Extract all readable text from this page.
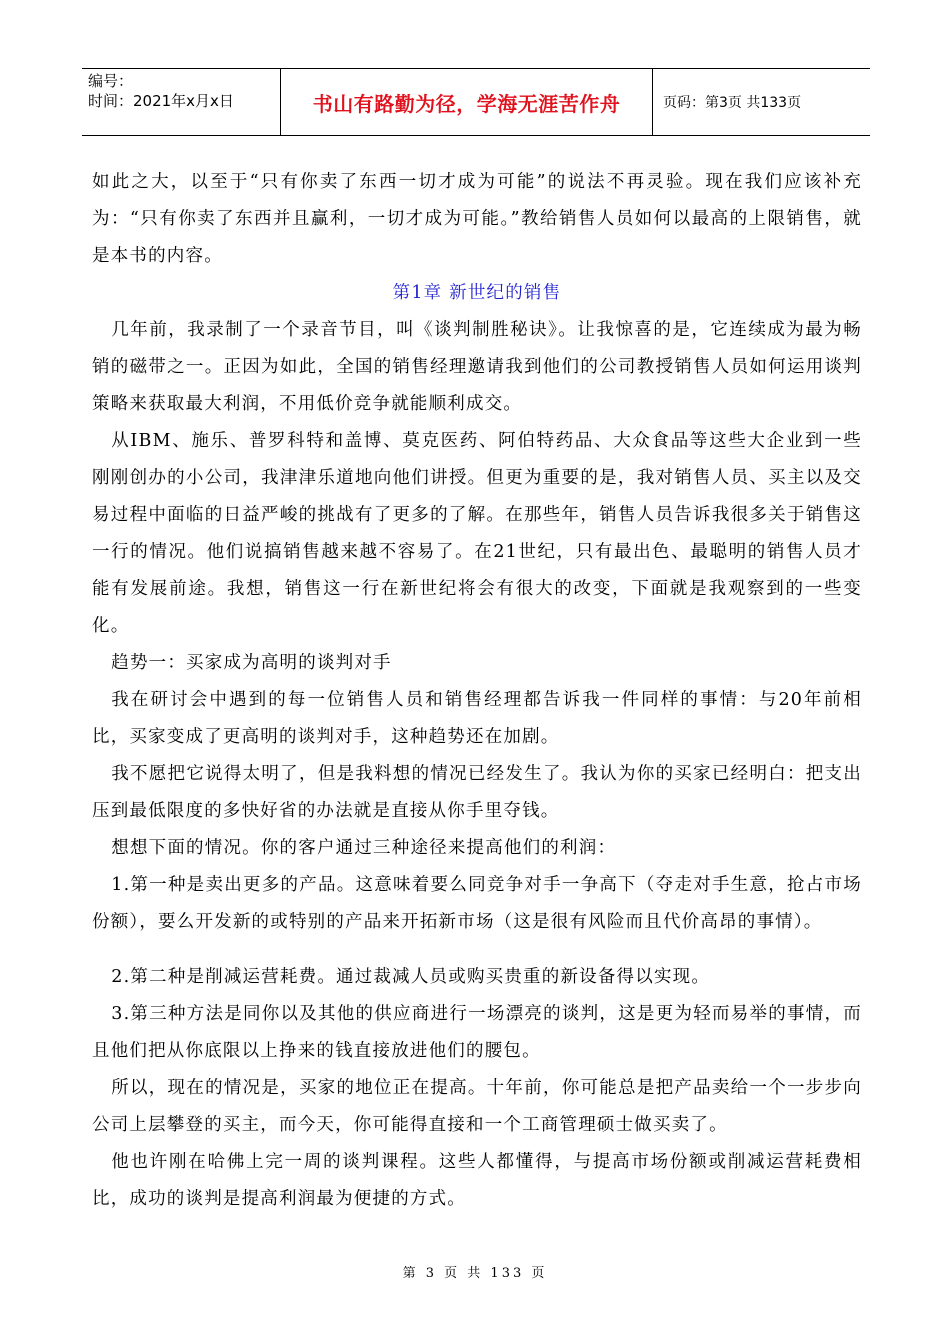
编号：
时间：2021年x月x日	书山有路勤为径，学海无涯苦作舟	页码：第3页 共133页

如此之大，以至于“只有你卖了东西一切才成为可能”的说法不再灵验。现在我们应该补充为：“只有你卖了东西并且赢利，一切才成为可能。”教给销售人员如何以最高的上限销售，就是本书的内容。

第1章 新世纪的销售

几年前，我录制了一个录音节目，叫《谈判制胜秘诀》。让我惊喜的是，它连续成为最为畅销的磁带之一。正因为如此，全国的销售经理邀请我到他们的公司教授销售人员如何运用谈判策略来获取最大利润，不用低价竞争就能顺利成交。

从IBM、施乐、普罗科特和盖博、莫克医药、阿伯特药品、大众食品等这些大企业到一些刚刚创办的小公司，我津津乐道地向他们讲授。但更为重要的是，我对销售人员、买主以及交易过程中面临的日益严峻的挑战有了更多的了解。在那些年，销售人员告诉我很多关于销售这一行的情况。他们说搞销售越来越不容易了。在21世纪，只有最出色、最聪明的销售人员才能有发展前途。我想，销售这一行在新世纪将会有很大的改变，下面就是我观察到的一些变化。

趋势一：买家成为高明的谈判对手

我在研讨会中遇到的每一位销售人员和销售经理都告诉我一件同样的事情：与20年前相比，买家变成了更高明的谈判对手，这种趋势还在加剧。

我不愿把它说得太明了，但是我料想的情况已经发生了。我认为你的买家已经明白：把支出压到最低限度的多快好省的办法就是直接从你手里夺钱。

想想下面的情况。你的客户通过三种途径来提高他们的利润：

1.第一种是卖出更多的产品。这意味着要么同竞争对手一争高下（夺走对手生意，抢占市场份额），要么开发新的或特别的产品来开拓新市场（这是很有风险而且代价高昂的事情）。

2.第二种是削减运营耗费。通过裁减人员或购买贵重的新设备得以实现。

3.第三种方法是同你以及其他的供应商进行一场漂亮的谈判，这是更为轻而易举的事情，而且他们把从你底限以上挣来的钱直接放进他们的腰包。

所以，现在的情况是，买家的地位正在提高。十年前，你可能总是把产品卖给一个一步步向公司上层攀登的买主，而今天，你可能得直接和一个工商管理硕士做买卖了。

他也许刚在哈佛上完一周的谈判课程。这些人都懂得，与提高市场份额或削减运营耗费相比，成功的谈判是提高利润最为便捷的方式。

第 3 页 共 133 页
